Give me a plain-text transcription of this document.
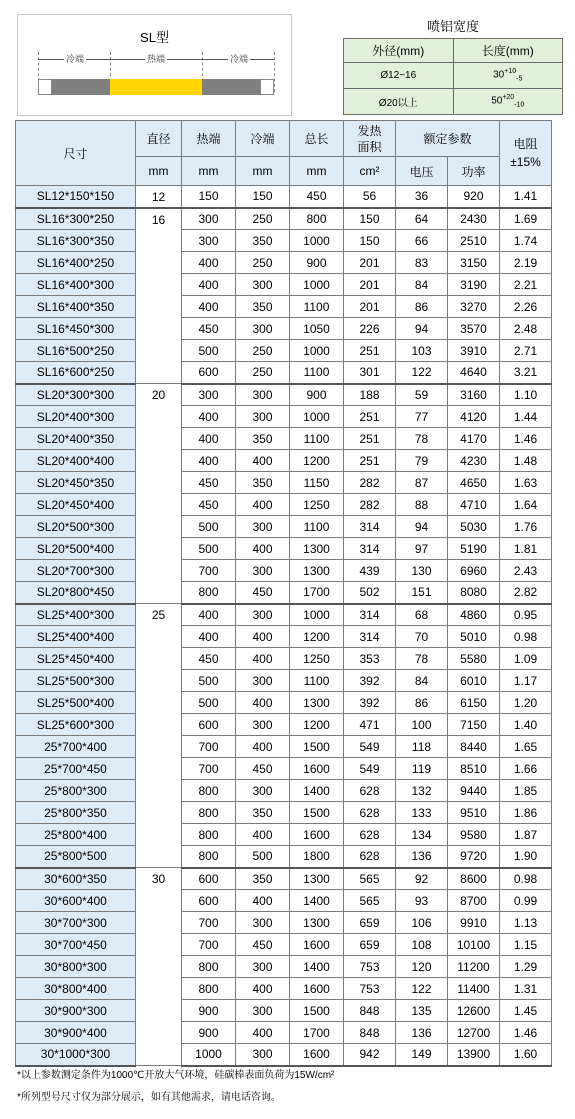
SL型
冷端	热端	冷端
喷铝宽度	
外径(mm)	长度(mm)
Ø12~16	$30^{+10}_{-5}$
Ø20以上	$50^{+20}_{-10}$
尺寸	直径	热端	冷端	总长	发热面积	额定参数		电阻±15%
	mm	mm	mm	mm	cm²	电压	功率	
SL12*150*150	12	150	150	450	56	36	920	1.41
SL16*300*250	16	300	250	800	150	64	2430	1.69
SL16*300*350		300	350	1000	150	66	2510	1.74
SL16*400*250		400	250	900	201	83	3150	2.19
SL16*400*300		400	300	1000	201	84	3190	2.21
SL16*400*350		400	350	1100	201	86	3270	2.26
SL16*450*300		450	300	1050	226	94	3570	2.48
SL16*500*250		500	250	1000	251	103	3910	2.71
SL16*600*250		600	250	1100	301	122	4640	3.21
SL20*300*300	20	300	300	900	188	59	3160	1.10
SL20*400*300		400	300	1000	251	77	4120	1.44
SL20*400*350		400	350	1100	251	78	4170	1.46
SL20*400*400		400	400	1200	251	79	4230	1.48
SL20*450*350		450	350	1150	282	87	4650	1.63
SL20*450*400		450	400	1250	282	88	4710	1.64
SL20*500*300		500	300	1100	314	94	5030	1.76
SL20*500*400		500	400	1300	314	97	5190	1.81
SL20*700*300		700	300	1300	439	130	6960	2.43
SL20*800*450		800	450	1700	502	151	8080	2.82
SL25*400*300	25	400	300	1000	314	68	4860	0.95
SL25*400*400		400	400	1200	314	70	5010	0.98
SL25*450*400		450	400	1250	353	78	5580	1.09
SL25*500*300		500	300	1100	392	84	6010	1.17
SL25*500*400		500	400	1300	392	86	6150	1.20
SL25*600*300		600	300	1200	471	100	7150	1.40
25*700*400		700	400	1500	549	118	8440	1.65
25*700*450		700	450	1600	549	119	8510	1.66
25*800*300		800	300	1400	628	132	9440	1.85
25*800*350		800	350	1500	628	133	9510	1.86
25*800*400		800	400	1600	628	134	9580	1.87
25*800*500		800	500	1800	628	136	9720	1.90
30*600*350	30	600	350	1300	565	92	8600	0.98
30*600*400		600	400	1400	565	93	8700	0.99
30*700*300		700	300	1300	659	106	9910	1.13
30*700*450		700	450	1600	659	108	10100	1.15
30*800*300		800	300	1400	753	120	11200	1.29
30*800*400		800	400	1600	753	122	11400	1.31
30*900*300		900	300	1500	848	135	12600	1.45
30*900*400		900	400	1700	848	136	12700	1.46
30*1000*300		1000	300	1600	942	149	13900	1.60
*以上参数测定条件为1000℃开放大气环境，硅碳棒表面负荷为15W/cm²
*所列型号尺寸仅为部分展示，如有其他需求，请电话咨询。
